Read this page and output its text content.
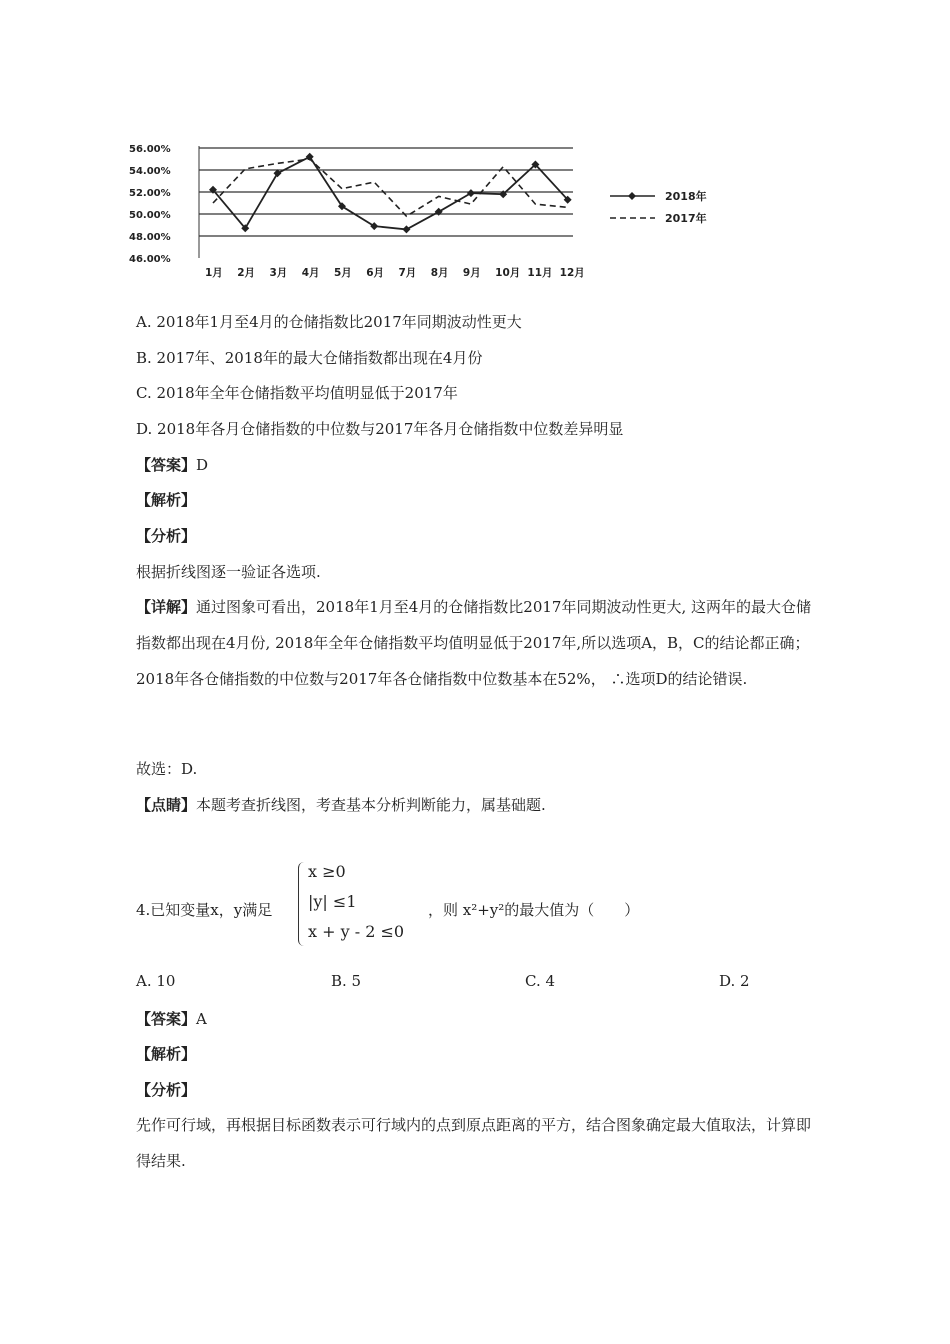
46.00%
48.00%
50.00%
52.00%
54.00%
56.00%
1月 2月 3月 4月 5月 6月 7月 8月 9月 10月 11月 12月
2018年
2017年
A. 2018年1月至4月的仓储指数比2017年同期波动性更大
B. 2017年、2018年的最大仓储指数都出现在4月份
C. 2018年全年仓储指数平均值明显低于2017年
D. 2018年各月仓储指数的中位数与2017年各月仓储指数中位数差异明显
【答案】D
【解析】
【分析】
根据折线图逐一验证各选项.
【详解】通过图象可看出，2018年1月至4月的仓储指数比2017年同期波动性更大, 这两年的最大仓储指数都出现在4月份, 2018年全年仓储指数平均值明显低于2017年,所以选项A，B，C的结论都正确；2018年各仓储指数的中位数与2017年各仓储指数中位数基本在52%， ∴选项D的结论错误.
故选：D.
【点睛】本题考查折线图，考查基本分析判断能力，属基础题.
4.已知变量x，y满足
x ≥0
|y| ≤1
x + y - 2 ≤0
，则 x²+y²的最大值为（　　）
A. 10	B. 5	C. 4	D. 2
【答案】A
【解析】
【分析】
先作可行域，再根据目标函数表示可行域内的点到原点距离的平方，结合图象确定最大值取法，计算即得结果.
